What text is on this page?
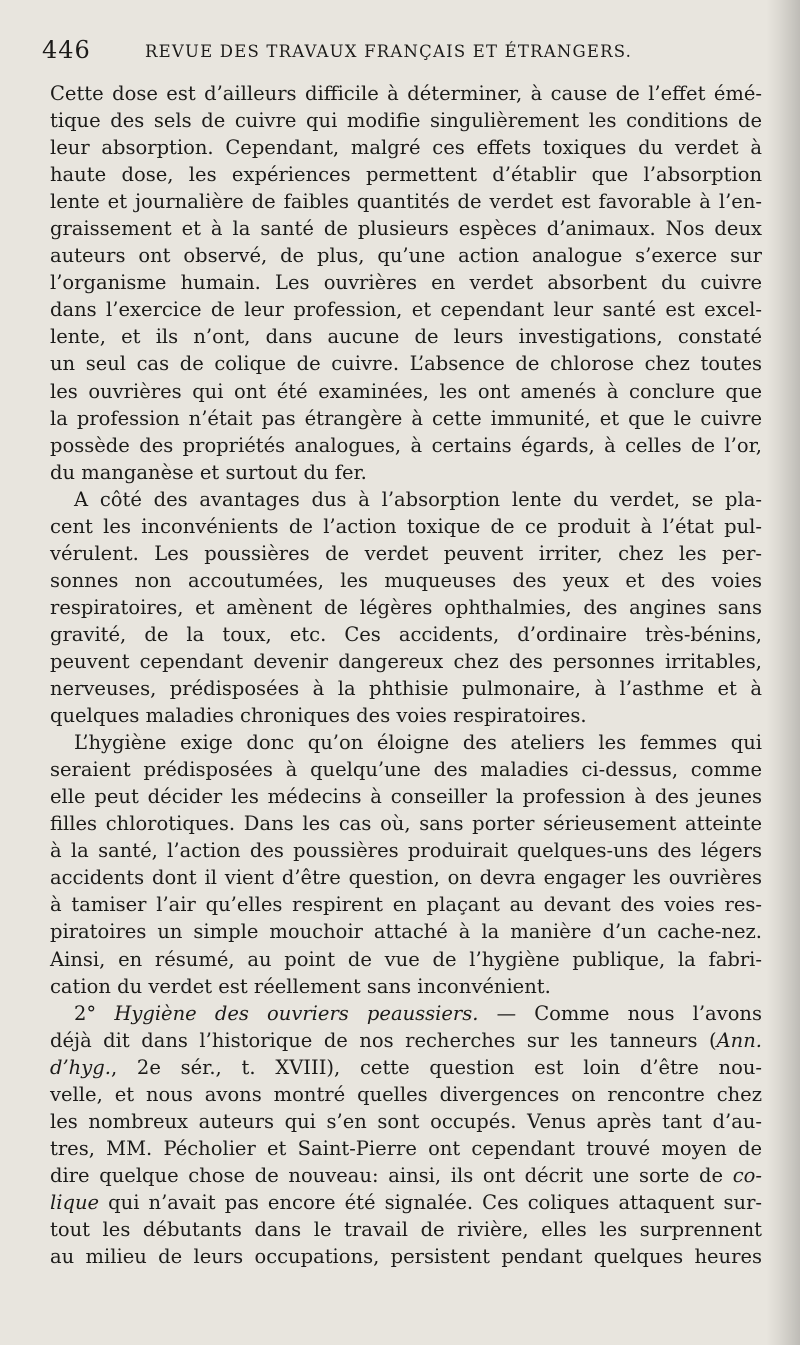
446	REVUE DES TRAVAUX FRANÇAIS ET ÉTRANGERS.
Cette dose est d’ailleurs difficile à déterminer, à cause de l’effet émé-
tique des sels de cuivre qui modifie singulièrement les conditions de
leur absorption. Cependant, malgré ces effets toxiques du verdet à
haute dose, les expériences permettent d’établir que l’absorption
lente et journalière de faibles quantités de verdet est favorable à l’en-
graissement et à la santé de plusieurs espèces d’animaux. Nos deux
auteurs ont observé, de plus, qu’une action analogue s’exerce sur
l’organisme humain. Les ouvrières en verdet absorbent du cuivre
dans l’exercice de leur profession, et cependant leur santé est excel-
lente, et ils n’ont, dans aucune de leurs investigations, constaté
un seul cas de colique de cuivre. L’absence de chlorose chez toutes
les ouvrières qui ont été examinées, les ont amenés à conclure que
la profession n’était pas étrangère à cette immunité, et que le cuivre
possède des propriétés analogues, à certains égards, à celles de l’or,
du manganèse et surtout du fer.
A côté des avantages dus à l’absorption lente du verdet, se pla-
cent les inconvénients de l’action toxique de ce produit à l’état pul-
vérulent. Les poussières de verdet peuvent irriter, chez les per-
sonnes non accoutumées, les muqueuses des yeux et des voies
respiratoires, et amènent de légères ophthalmies, des angines sans
gravité, de la toux, etc. Ces accidents, d’ordinaire très-bénins,
peuvent cependant devenir dangereux chez des personnes irritables,
nerveuses, prédisposées à la phthisie pulmonaire, à l’asthme et à
quelques maladies chroniques des voies respiratoires.
L’hygiène exige donc qu’on éloigne des ateliers les femmes qui
seraient prédisposées à quelqu’une des maladies ci-dessus, comme
elle peut décider les médecins à conseiller la profession à des jeunes
filles chlorotiques. Dans les cas où, sans porter sérieusement atteinte
à la santé, l’action des poussières produirait quelques-uns des légers
accidents dont il vient d’être question, on devra engager les ouvrières
à tamiser l’air qu’elles respirent en plaçant au devant des voies res-
piratoires un simple mouchoir attaché à la manière d’un cache-nez.
Ainsi, en résumé, au point de vue de l’hygiène publique, la fabri-
cation du verdet est réellement sans inconvénient.
2° Hygiène des ouvriers peaussiers. — Comme nous l’avons
déjà dit dans l’historique de nos recherches sur les tanneurs (Ann.
d’hyg., 2e sér., t. XVIII), cette question est loin d’être nou-
velle, et nous avons montré quelles divergences on rencontre chez
les nombreux auteurs qui s’en sont occupés. Venus après tant d’au-
tres, MM. Pécholier et Saint-Pierre ont cependant trouvé moyen de
dire quelque chose de nouveau: ainsi, ils ont décrit une sorte de co-
lique qui n’avait pas encore été signalée. Ces coliques attaquent sur-
tout les débutants dans le travail de rivière, elles les surprennent
au milieu de leurs occupations, persistent pendant quelques heures
